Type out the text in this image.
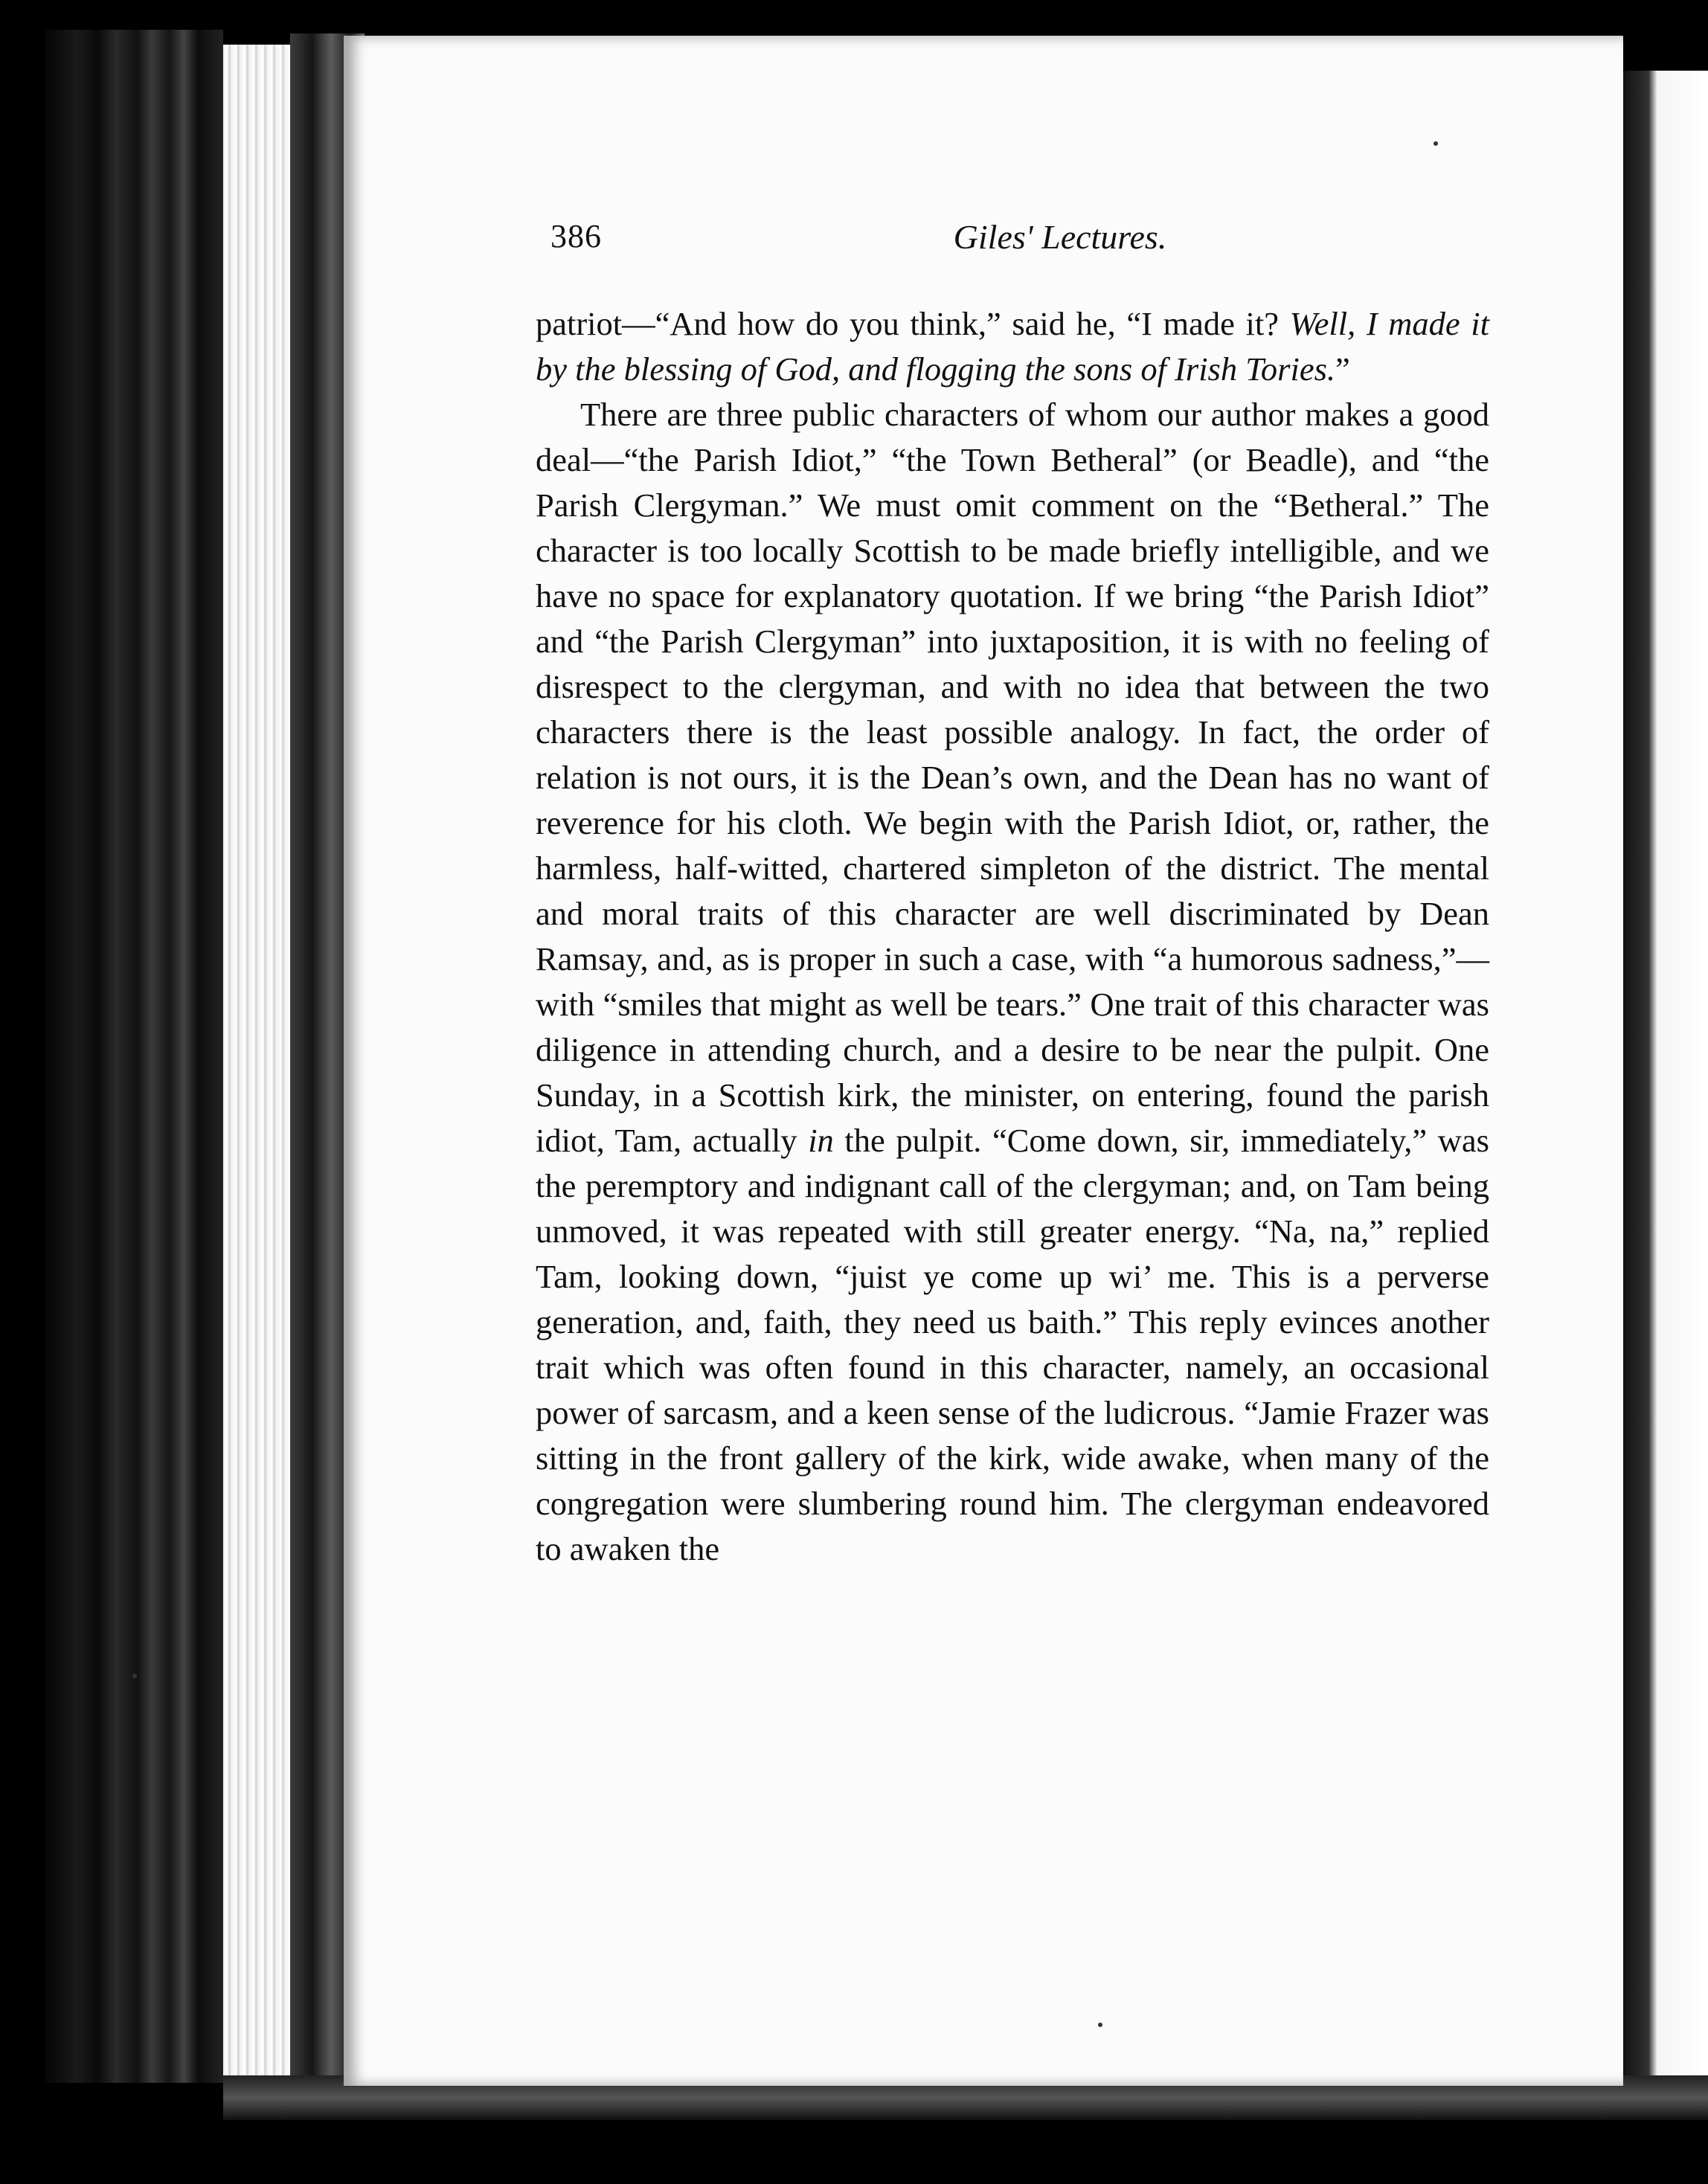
386	Giles' Lectures.

patriot—“And how do you think,” said he, “I made it? Well, I made it by the blessing of God, and flogging the sons of Irish Tories.”

There are three public characters of whom our author makes a good deal—“the Parish Idiot,” “the Town Betheral” (or Beadle), and “the Parish Clergyman.” We must omit comment on the “Betheral.” The character is too locally Scottish to be made briefly intelligible, and we have no space for explanatory quotation. If we bring “the Parish Idiot” and “the Parish Clergyman” into juxtaposition, it is with no feeling of disrespect to the clergyman, and with no idea that between the two characters there is the least possible analogy. In fact, the order of relation is not ours, it is the Dean’s own, and the Dean has no want of reverence for his cloth. We begin with the Parish Idiot, or, rather, the harmless, half-witted, chartered simpleton of the district. The mental and moral traits of this character are well discriminated by Dean Ramsay, and, as is proper in such a case, with “a humorous sadness,”—with “smiles that might as well be tears.” One trait of this character was diligence in attending church, and a desire to be near the pulpit. One Sunday, in a Scottish kirk, the minister, on entering, found the parish idiot, Tam, actually in the pulpit. “Come down, sir, immediately,” was the peremptory and indignant call of the clergyman; and, on Tam being unmoved, it was repeated with still greater energy. “Na, na,” replied Tam, looking down, “juist ye come up wi’ me. This is a perverse generation, and, faith, they need us baith.” This reply evinces another trait which was often found in this character, namely, an occasional power of sarcasm, and a keen sense of the ludicrous. “Jamie Frazer was sitting in the front gallery of the kirk, wide awake, when many of the congregation were slumbering round him. The clergyman endeavored to awaken the
